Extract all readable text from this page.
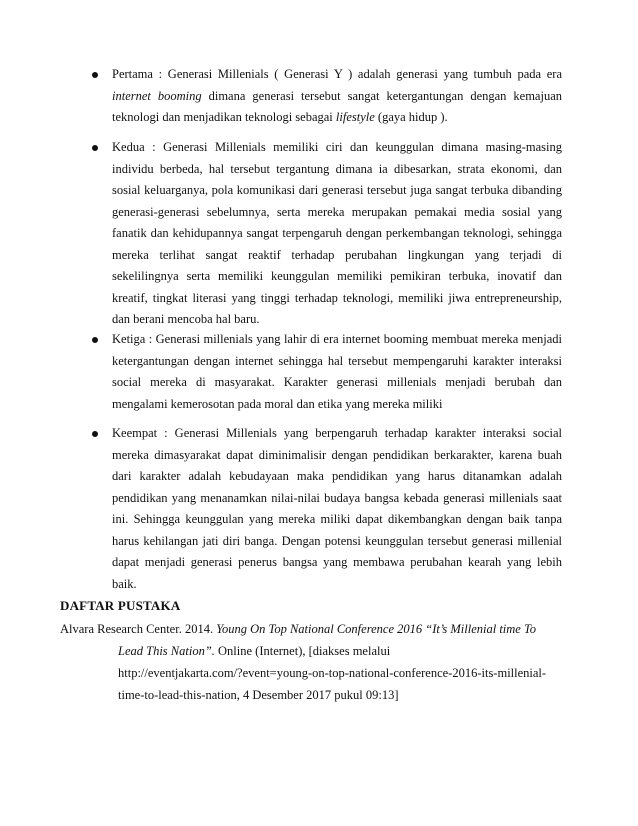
Pertama : Generasi Millenials ( Generasi Y ) adalah generasi yang tumbuh pada era internet booming dimana generasi tersebut sangat ketergantungan dengan kemajuan teknologi dan menjadikan teknologi sebagai lifestyle (gaya hidup ).
Kedua : Generasi Millenials memiliki ciri dan keunggulan dimana masing-masing individu berbeda, hal tersebut tergantung dimana ia dibesarkan, strata ekonomi, dan sosial keluarganya, pola komunikasi dari generasi tersebut juga sangat terbuka dibanding generasi-generasi sebelumnya, serta mereka merupakan pemakai media sosial yang fanatik dan kehidupannya sangat terpengaruh dengan perkembangan teknologi, sehingga mereka terlihat sangat reaktif terhadap perubahan lingkungan yang terjadi di sekelilingnya serta memiliki keunggulan memiliki pemikiran terbuka, inovatif dan kreatif, tingkat literasi yang tinggi terhadap teknologi, memiliki jiwa entrepreneurship, dan berani mencoba hal baru.
Ketiga : Generasi millenials yang lahir di era internet booming membuat mereka menjadi ketergantungan dengan internet sehingga hal tersebut mempengaruhi karakter interaksi social mereka di masyarakat. Karakter generasi millenials menjadi berubah dan mengalami kemerosotan pada moral dan etika yang mereka miliki
Keempat : Generasi Millenials yang berpengaruh terhadap karakter interaksi social mereka dimasyarakat dapat diminimalisir dengan pendidikan berkarakter, karena buah dari karakter adalah kebudayaan maka pendidikan yang harus ditanamkan adalah pendidikan yang menanamkan nilai-nilai budaya bangsa kebada generasi millenials saat ini. Sehingga keunggulan yang mereka miliki dapat dikembangkan dengan baik tanpa harus kehilangan jati diri banga. Dengan potensi keunggulan tersebut generasi millenial dapat menjadi generasi penerus bangsa yang membawa perubahan kearah yang lebih baik.
DAFTAR PUSTAKA
Alvara Research Center. 2014. Young On Top National Conference 2016 “It’s Millenial time To Lead This Nation”. Online (Internet), [diakses melalui
http://eventjakarta.com/?event=young-on-top-national-conference-2016-its-millenial-
time-to-lead-this-nation, 4 Desember 2017 pukul 09:13]
